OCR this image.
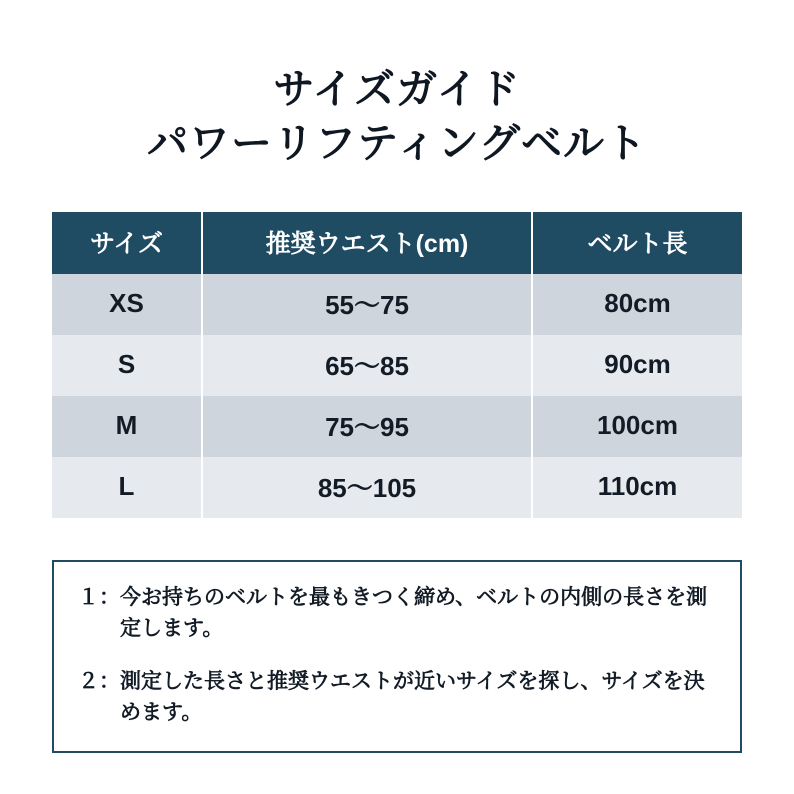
サイズガイド
パワーリフティングベルト
サイズ	推奨ウエスト(cm)	ベルト長
XS	55〜75	80cm
S	65〜85	90cm
M	75〜95	100cm
L	85〜105	110cm
１： 今お持ちのベルトを最もきつく締め、ベルトの内側の長さを測定します。
２： 測定した長さと推奨ウエストが近いサイズを探し、サイズを決めます。
